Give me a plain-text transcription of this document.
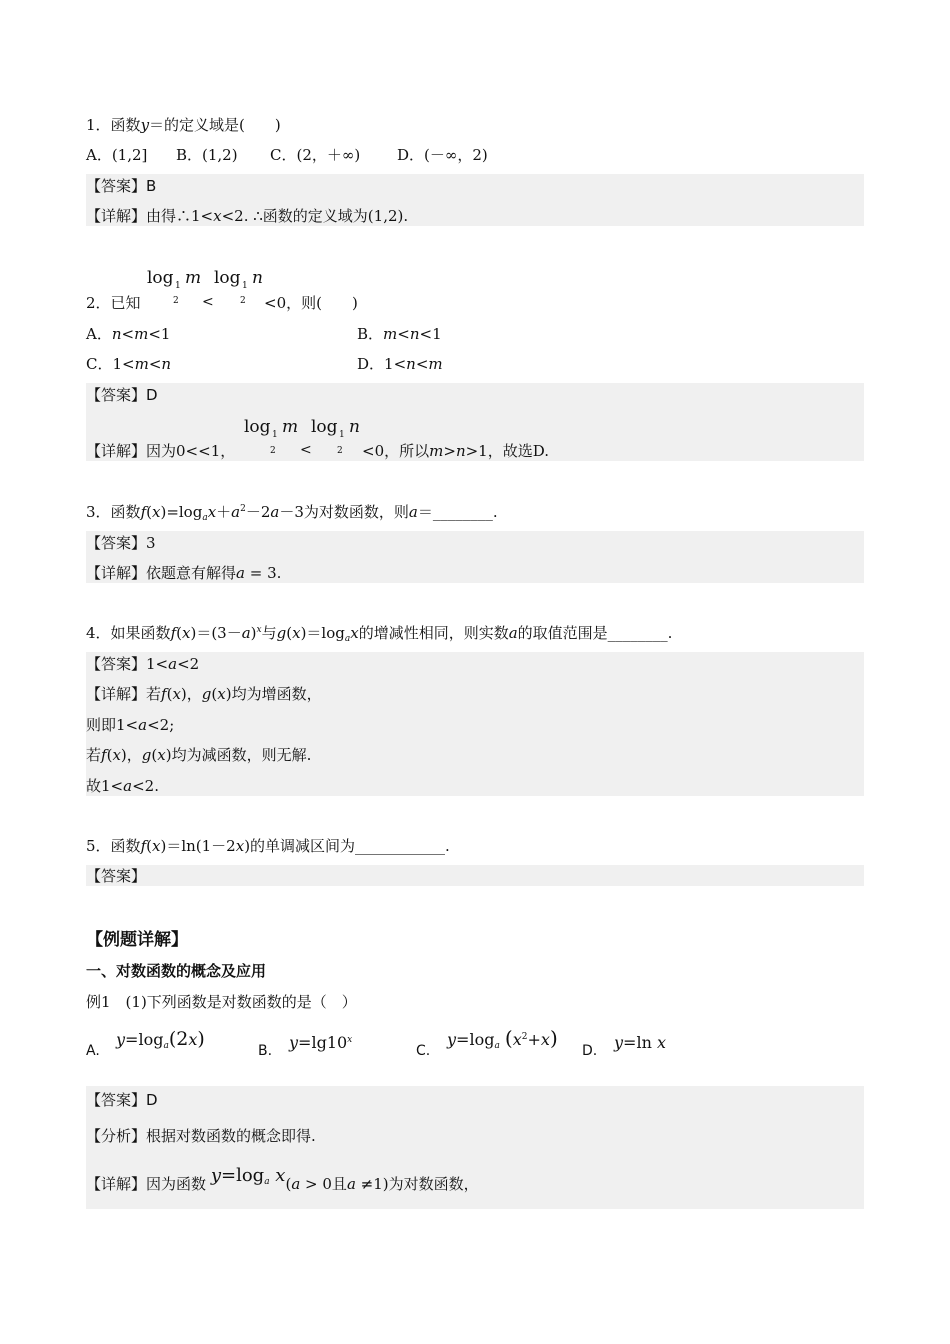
1．函数y＝的定义域是(　　)
A．(1,2] B．(1,2) C．(2，＋∞) D．(－∞，2)
【答案】B
【详解】由得∴1<x<2. ∴函数的定义域为(1,2).
log 1 m
2
log 1 n
2
<
2．已知	<0，则(　　)
A．n<m<1	B．m<n<1
C．1<m<n	D．1<n<m
【答案】D
log 1 m
2
log 1 n
2
<
【详解】因为0<<1，	<0，所以m>n>1，故选D.
3．函数$f(x)=\log_ax+a^2-2a-3$为对数函数，则a＝________.
【答案】3
【详解】依题意有解得a = 3.
4．如果函数$f(x)=(3-a)^x$与$g(x)=\log_ax$的增减性相同，则实数a的取值范围是________.
【答案】1<a<2
【详解】若f(x)，g(x)均为增函数，
则即1<a<2;
若f(x)，g(x)均为减函数，则无解.
故1<a<2.
5．函数f(x)＝ln(1－2x)的单调减区间为____________.
【答案】
【例题详解】
一、对数函数的概念及应用
例1　(1)下列函数是对数函数的是（　）
A.
y=loga(2x)
B. $y=\lg 10^x$
C.
y=loga $(x^2+x)$
D. y=ln x
【答案】D
【分析】根据对数函数的概念即得.
【详解】因为函数 y=loga x(a > 0且a ≠1)为对数函数，
